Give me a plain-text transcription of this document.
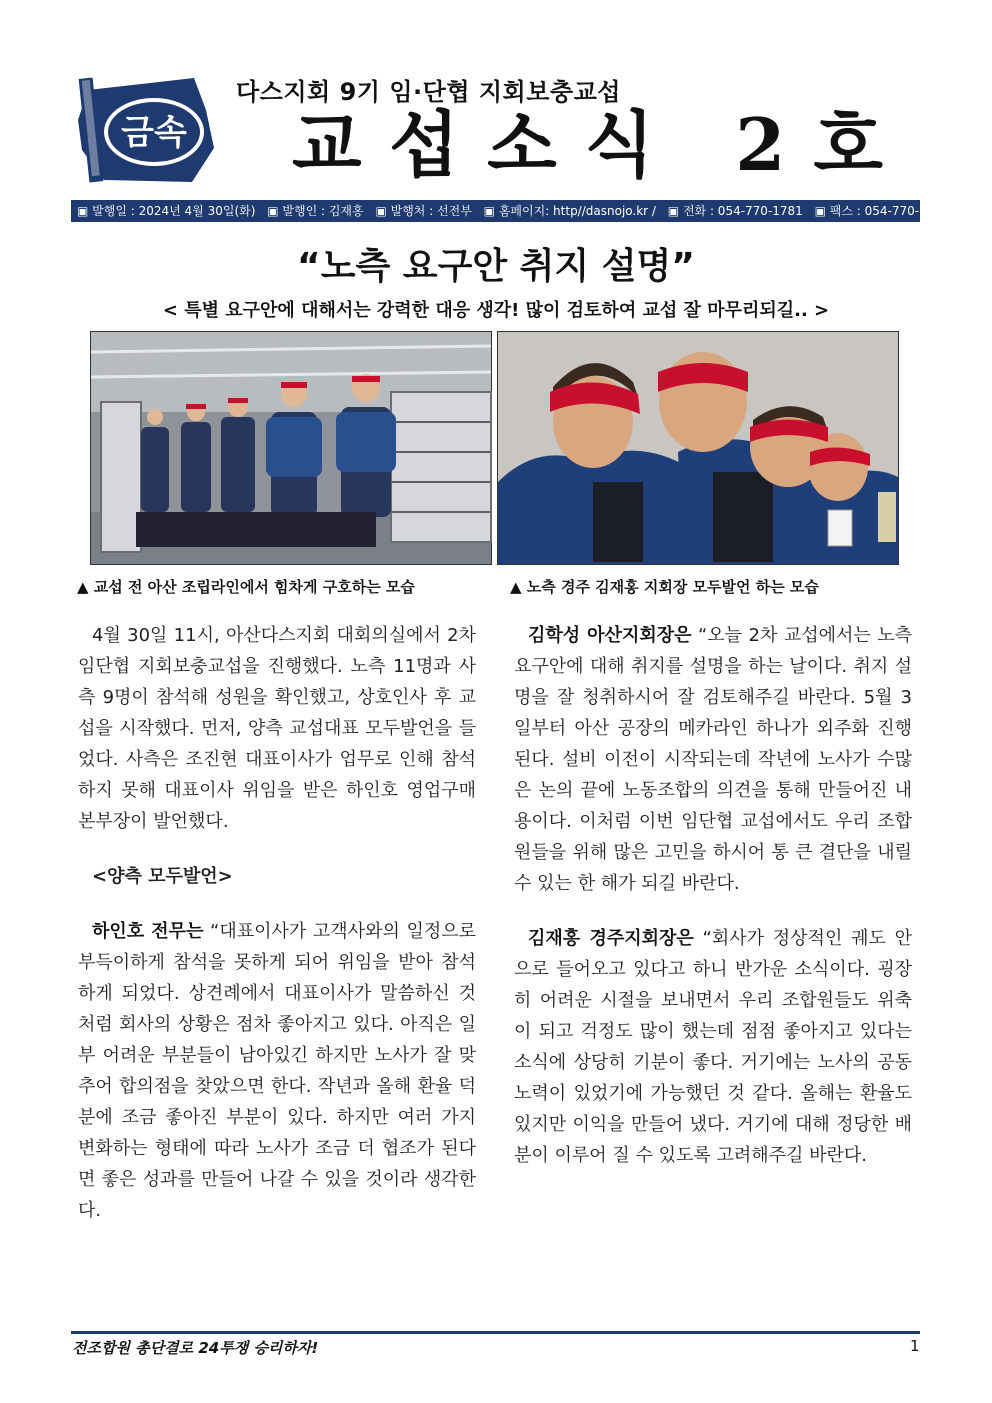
금속
다스지회 9기 임·단협 지회보충교섭
교섭소식 2호
▣ 발행일 : 2024년 4월 30일(화) ▣ 발행인 : 김재홍 ▣ 발행처 : 선전부 ▣ 홈페이지: http//dasnojo.kr / ▣ 전화 : 054-770-1781 ▣ 팩스 : 054-770-1780
“노측 요구안 취지 설명”
< 특별 요구안에 대해서는 강력한 대응 생각! 많이 검토하여 교섭 잘 마무리되길.. >
▲ 교섭 전 아산 조립라인에서 힘차게 구호하는 모습	▲ 노측 경주 김재홍 지회장 모두발언 하는 모습

4월 30일 11시, 아산다스지회 대회의실에서 2차 임단협 지회보충교섭을 진행했다. 노측 11명과 사측 9명이 참석해 성원을 확인했고, 상호인사 후 교섭을 시작했다. 먼저, 양측 교섭대표 모두발언을 들었다. 사측은 조진현 대표이사가 업무로 인해 참석하지 못해 대표이사 위임을 받은 하인호 영업구매본부장이 발언했다.

<양측 모두발언>

하인호 전무는 “대표이사가 고객사와의 일정으로 부득이하게 참석을 못하게 되어 위임을 받아 참석하게 되었다. 상견례에서 대표이사가 말씀하신 것처럼 회사의 상황은 점차 좋아지고 있다. 아직은 일부 어려운 부분들이 남아있긴 하지만 노사가 잘 맞추어 합의점을 찾았으면 한다. 작년과 올해 환율 덕분에 조금 좋아진 부분이 있다. 하지만 여러 가지 변화하는 형태에 따라 노사가 조금 더 협조가 된다면 좋은 성과를 만들어 나갈 수 있을 것이라 생각한다.

김학성 아산지회장은 “오늘 2차 교섭에서는 노측 요구안에 대해 취지를 설명을 하는 날이다. 취지 설명을 잘 청취하시어 잘 검토해주길 바란다. 5월 3일부터 아산 공장의 메카라인 하나가 외주화 진행된다. 설비 이전이 시작되는데 작년에 노사가 수많은 논의 끝에 노동조합의 의견을 통해 만들어진 내용이다. 이처럼 이번 임단협 교섭에서도 우리 조합원들을 위해 많은 고민을 하시어 통 큰 결단을 내릴 수 있는 한 해가 되길 바란다.

김재홍 경주지회장은 “회사가 정상적인 궤도 안으로 들어오고 있다고 하니 반가운 소식이다. 굉장히 어려운 시절을 보내면서 우리 조합원들도 위축이 되고 걱정도 많이 했는데 점점 좋아지고 있다는 소식에 상당히 기분이 좋다. 거기에는 노사의 공동 노력이 있었기에 가능했던 것 같다. 올해는 환율도 있지만 이익을 만들어 냈다. 거기에 대해 정당한 배분이 이루어 질 수 있도록 고려해주길 바란다.

전조합원 총단결로 24투쟁 승리하자!	1
